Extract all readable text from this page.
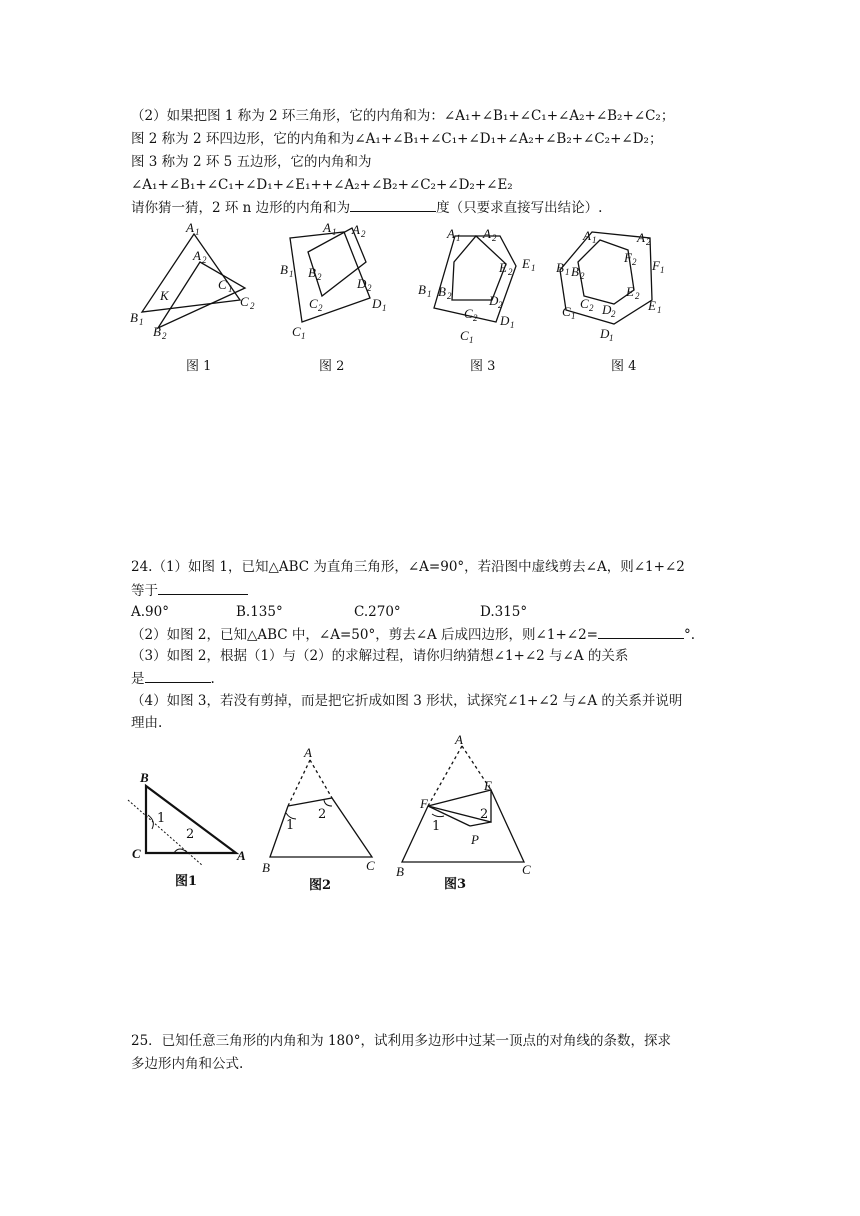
（2）如果把图 1 称为 2 环三角形，它的内角和为：∠A₁+∠B₁+∠C₁+∠A₂+∠B₂+∠C₂；
图 2 称为 2 环四边形，它的内角和为∠A₁+∠B₁+∠C₁+∠D₁+∠A₂+∠B₂+∠C₂+∠D₂；
图 3 称为 2 环 5 五边形，它的内角和为
∠A₁+∠B₁+∠C₁+∠D₁+∠E₁++∠A₂+∠B₂+∠C₂+∠D₂+∠E₂
请你猜一猜，2 环 n 边形的内角和为	度（只要求直接写出结论）.
24.（1）如图 1，已知△ABC 为直角三角形，∠A=90°，若沿图中虚线剪去∠A，则∠1+∠2
等于
A.90°	B.135°	C.270°	D.315°
（2）如图 2，已知△ABC 中，∠A=50°，剪去∠A 后成四边形，则∠1+∠2=	°.
（3）如图 2，根据（1）与（2）的求解过程，请你归纳猜想∠1+∠2 与∠A 的关系
是	.
（4）如图 3，若没有剪掉，而是把它折成如图 3 形状，试探究∠1+∠2 与∠A 的关系并说明
理由.
25．已知任意三角形的内角和为 180°，试利用多边形中过某一顶点的对角线的条数，探求
多边形内角和公式.
A 1
A 2
C 1
C 2
K
B 1
B 2
A 1 A 2
B 1 B 2	D 2
C 2	D 1
C 1
A 1 A 2
E 2
E 1
B 1 B 2	D 2
C 2 D 1
C 1
A 1	A 2
F 2 F 1
B 1 B 2
E 2
E 1
C 2 D 2
C 1
D 1
图 1	图 2	图 3	图 4
B
C	A
1
2
图1
A
1
2
B	C
图2
A
E
F
1
2
P
B	C
图3
